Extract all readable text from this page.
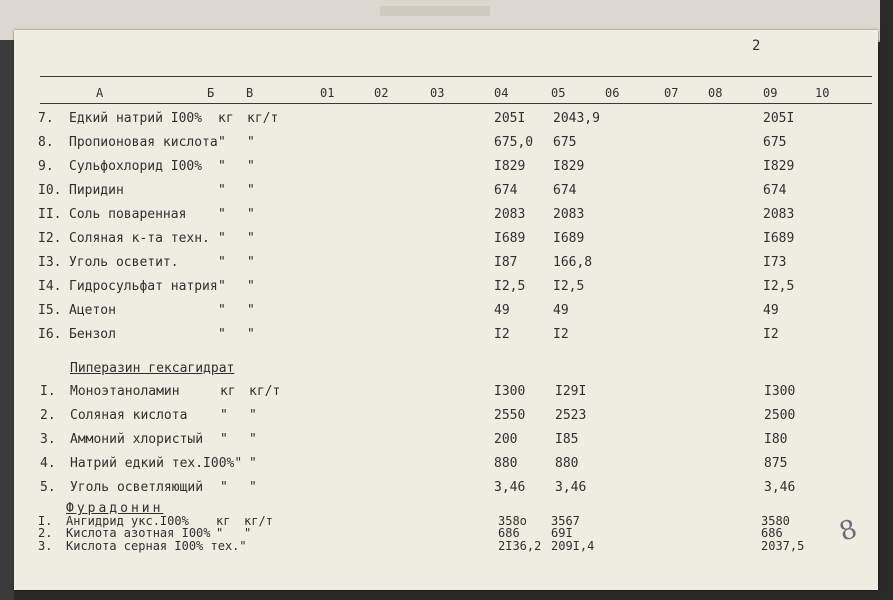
2
А	Б	В	01	02	03	04	05	06	07 08	09	10
7. Едкий натрий I00% кг кг/т	205I 2043,9	205I
8. Пропионовая кислота " "	675,0 675	675
9. Сульфохлорид I00% " "	I829 I829	I829
I0. Пиридин	" "	674	674	674
II. Соль поваренная " "	2083 2083	2083
I2. Соляная к-та техн. " "	I689 I689	I689
I3. Уголь осветит.	" "	I87	166,8	I73
I4. Гидросульфат натрия " "	I2,5 I2,5	I2,5
I5. Ацетон	" "	49	49	49
I6. Бензол	" "	I2	I2	I2
Пиперазин гексагидрат
I. Моноэтаноламин	кг кг/т	I300 I29I	I300
2. Соляная кислота	" "	2550 2523	2500
3. Аммоний хлористый " "	200	I85	I80
4. Натрий едкий тех.I00%" "	880	880	875
5. Уголь осветляющий " "	3,46 3,46	3,46
Фурадонин
I. Ангидрид укс.I00% кг кг/т	358о 3567	3580
2. Кислота азотная I00% " "	686	69I	686
3. Кислота серная I00% тех."	2I36,2 209I,4	2037,5 8
